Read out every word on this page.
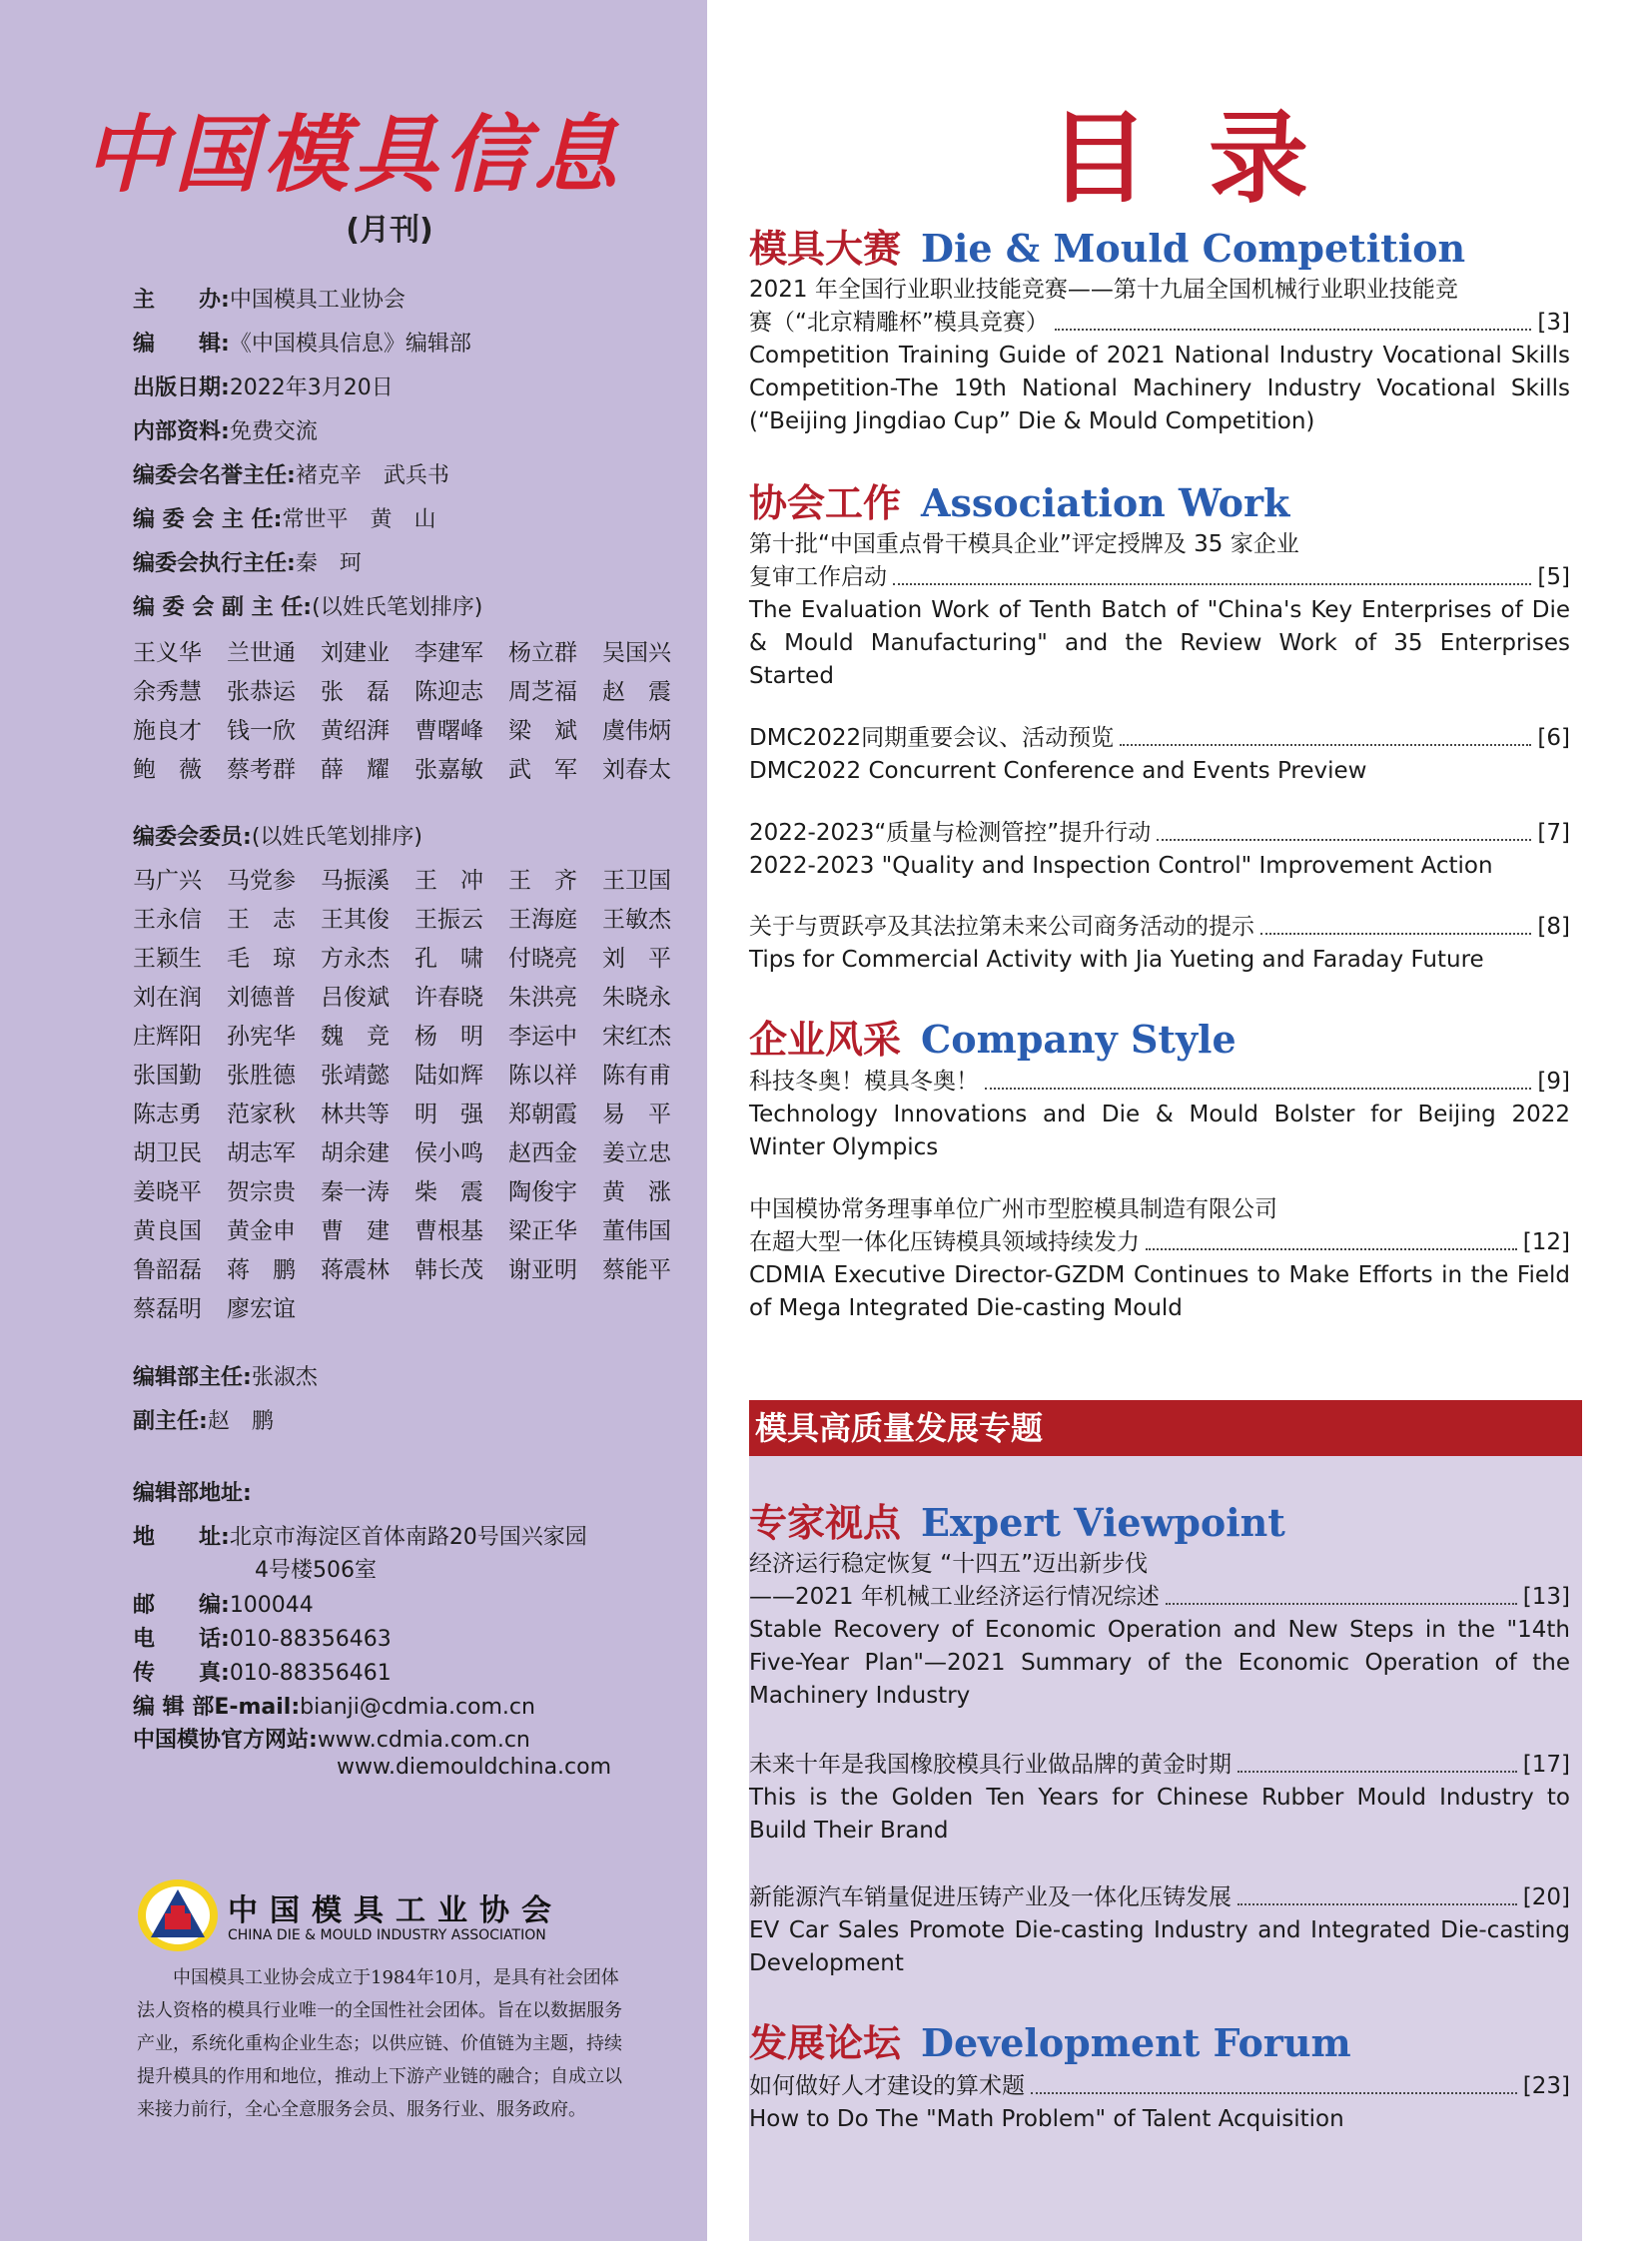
中国模具信息
(月刊)
主　　办:中国模具工业协会
编　　辑:《中国模具信息》编辑部
出版日期:2022年3月20日
内部资料:免费交流
编委会名誉主任:褚克辛　武兵书
编 委 会 主 任:常世平　黄　山
编委会执行主任:秦　珂
编 委 会 副 主 任:(以姓氏笔划排序)
王义华	兰世通	刘建业	李建军	杨立群	吴国兴
余秀慧	张恭运	张　磊	陈迎志	周芝福	赵　震
施良才	钱一欣	黄绍湃	曹曙峰	梁　斌	虞伟炳
鲍　薇	蔡考群	薛　耀	张嘉敏	武　军	刘春太
编委会委员:(以姓氏笔划排序)
马广兴	马党参	马振溪	王　冲	王　齐	王卫国
王永信	王　志	王其俊	王振云	王海庭	王敏杰
王颖生	毛　琼	方永杰	孔　啸	付晓亮	刘　平
刘在润	刘德普	吕俊斌	许春晓	朱洪亮	朱晓永
庄辉阳	孙宪华	魏　竞	杨　明	李运中	宋红杰
张国勤	张胜德	张靖懿	陆如辉	陈以祥	陈有甫
陈志勇	范家秋	林共等	明　强	郑朝霞	易　平
胡卫民	胡志军	胡余建	侯小鸣	赵西金	姜立忠
姜晓平	贺宗贵	秦一涛	柴　震	陶俊宇	黄　涨
黄良国	黄金申	曹　建	曹根基	梁正华	董伟国
鲁韶磊	蒋　鹏	蒋震林	韩长茂	谢亚明	蔡能平
蔡磊明	廖宏谊
编辑部主任:张淑杰
副主任:赵　鹏
编辑部地址:
地　　址:北京市海淀区首体南路20号国兴家园
4号楼506室
邮　　编:100044
电　　话:010-88356463
传　　真:010-88356461
编 辑 部E-mail:bianji@cdmia.com.cn
中国模协官方网站:www.cdmia.com.cn
www.diemouldchina.com
中国模具工业协会
CHINA DIE & MOULD INDUSTRY ASSOCIATION
中国模具工业协会成立于1984年10月，是具有社会团体法人资格的模具行业唯一的全国性社会团体。旨在以数据服务产业，系统化重构企业生态；以供应链、价值链为主题，持续提升模具的作用和地位，推动上下游产业链的融合；自成立以来接力前行，全心全意服务会员、服务行业、服务政府。
目录
模具高质量发展专题
模具大赛 Die & Mould Competition
2021 年全国行业职业技能竞赛——第十九届全国机械行业职业技能竞
赛（“北京精雕杯”模具竞赛）	[3]
Competition Training Guide of 2021 National Industry Vocational Skills Competition-The 19th National Machinery Industry Vocational Skills (“Beijing Jingdiao Cup” Die & Mould Competition)
协会工作 Association Work
第十批“中国重点骨干模具企业”评定授牌及 35 家企业
复审工作启动	[5]
The Evaluation Work of Tenth Batch of "China's Key Enterprises of Die & Mould Manufacturing" and the Review Work of 35 Enterprises Started
DMC2022同期重要会议、活动预览	[6]
DMC2022 Concurrent Conference and Events Preview
2022-2023“质量与检测管控”提升行动	[7]
2022-2023 "Quality and Inspection Control" Improvement Action
关于与贾跃亭及其法拉第未来公司商务活动的提示	[8]
Tips for Commercial Activity with Jia Yueting and Faraday Future
企业风采 Company Style
科技冬奥！模具冬奥！	[9]
Technology Innovations and Die & Mould Bolster for Beijing 2022 Winter Olympics
中国模协常务理事单位广州市型腔模具制造有限公司
在超大型一体化压铸模具领域持续发力	[12]
CDMIA Executive Director-GZDM Continues to Make Efforts in the Field of Mega Integrated Die-casting Mould
专家视点 Expert Viewpoint
经济运行稳定恢复 “十四五”迈出新步伐
——2021 年机械工业经济运行情况综述	[13]
Stable Recovery of Economic Operation and New Steps in the "14th Five-Year Plan"—2021 Summary of the Economic Operation of the Machinery Industry
未来十年是我国橡胶模具行业做品牌的黄金时期	[17]
This is the Golden Ten Years for Chinese Rubber Mould Industry to Build Their Brand
新能源汽车销量促进压铸产业及一体化压铸发展	[20]
EV Car Sales Promote Die-casting Industry and Integrated Die-casting Development
发展论坛 Development Forum
如何做好人才建设的算术题	[23]
How to Do The "Math Problem" of Talent Acquisition
